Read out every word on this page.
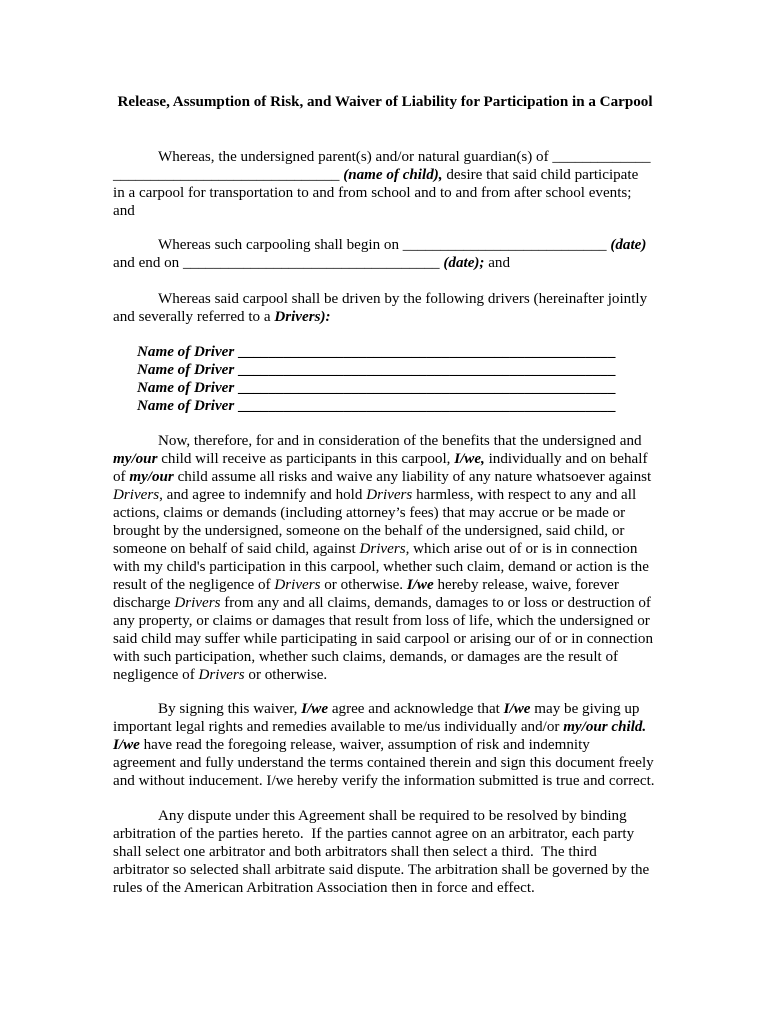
Release, Assumption of Risk, and Waiver of Liability for Participation in a Carpool
Whereas, the undersigned parent(s) and/or natural guardian(s) of _____________
______________________________ (name of child), desire that said child participate
in a carpool for transportation to and from school and to and from after school events;
and
Whereas such carpooling shall begin on ___________________________ (date)
and end on __________________________________ (date); and
Whereas said carpool shall be driven by the following drivers (hereinafter jointly
and severally referred to a Drivers):
Name of Driver __________________________________________________
Name of Driver __________________________________________________
Name of Driver __________________________________________________
Name of Driver __________________________________________________
Now, therefore, for and in consideration of the benefits that the undersigned and
my/our child will receive as participants in this carpool, I/we, individually and on behalf
of my/our child assume all risks and waive any liability of any nature whatsoever against
Drivers, and agree to indemnify and hold Drivers harmless, with respect to any and all
actions, claims or demands (including attorney’s fees) that may accrue or be made or
brought by the undersigned, someone on the behalf of the undersigned, said child, or
someone on behalf of said child, against Drivers, which arise out of or is in connection
with my child's participation in this carpool, whether such claim, demand or action is the
result of the negligence of Drivers or otherwise. I/we hereby release, waive, forever
discharge Drivers from any and all claims, demands, damages to or loss or destruction of
any property, or claims or damages that result from loss of life, which the undersigned or
said child may suffer while participating in said carpool or arising our of or in connection
with such participation, whether such claims, demands, or damages are the result of
negligence of Drivers or otherwise.
By signing this waiver, I/we agree and acknowledge that I/we may be giving up
important legal rights and remedies available to me/us individually and/or my/our child.
I/we have read the foregoing release, waiver, assumption of risk and indemnity
agreement and fully understand the terms contained therein and sign this document freely
and without inducement. I/we hereby verify the information submitted is true and correct.
Any dispute under this Agreement shall be required to be resolved by binding
arbitration of the parties hereto.  If the parties cannot agree on an arbitrator, each party
shall select one arbitrator and both arbitrators shall then select a third.  The third
arbitrator so selected shall arbitrate said dispute. The arbitration shall be governed by the
rules of the American Arbitration Association then in force and effect.
